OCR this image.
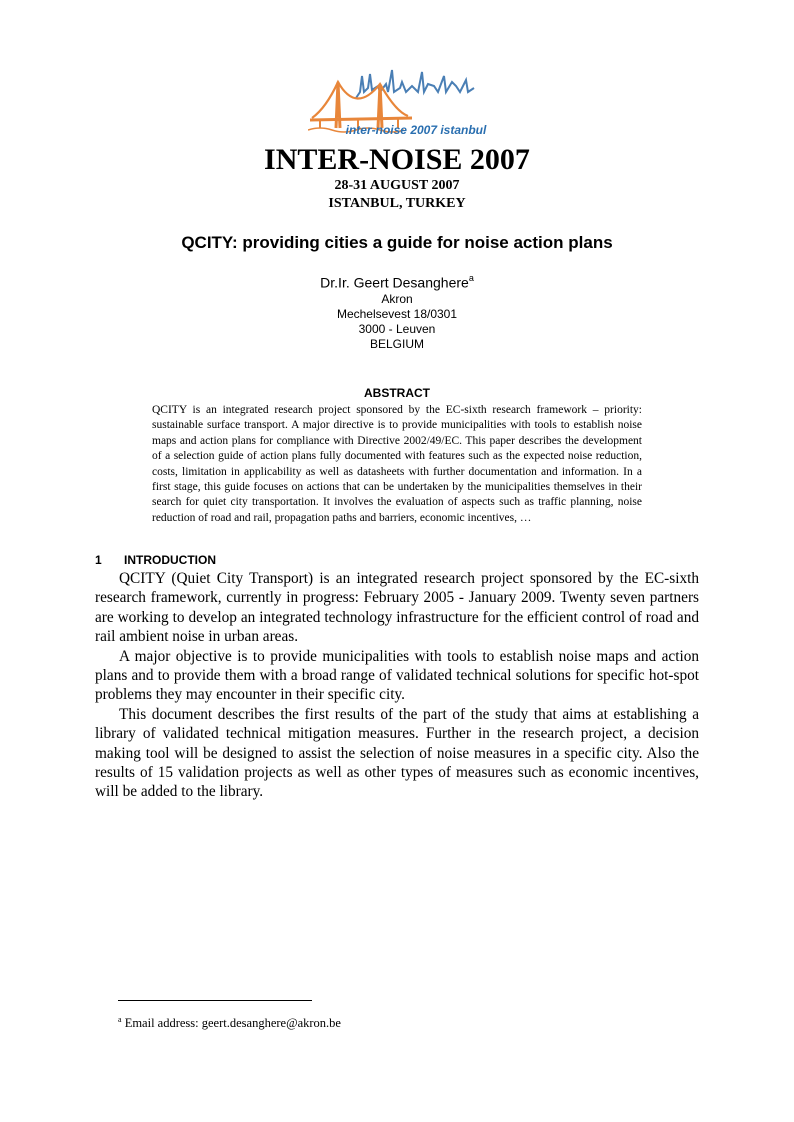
inter-noise 2007 istanbul
INTER-NOISE 2007
28-31 AUGUST 2007
ISTANBUL, TURKEY
QCITY: providing cities a guide for noise action plans
Dr.Ir. Geert Desanghere$^a$
Akron
Mechelsevest 18/0301
3000 - Leuven
BELGIUM
ABSTRACT
QCITY is an integrated research project sponsored by the EC-sixth research framework – priority: sustainable surface transport. A major directive is to provide municipalities with tools to establish noise maps and action plans for compliance with Directive 2002/49/EC. This paper describes the development of a selection guide of action plans fully documented with features such as the expected noise reduction, costs, limitation in applicability as well as datasheets with further documentation and information. In a first stage, this guide focuses on actions that can be undertaken by the municipalities themselves in their search for quiet city transportation. It involves the evaluation of aspects such as traffic planning, noise reduction of road and rail, propagation paths and barriers, economic incentives, …
1 INTRODUCTION

QCITY (Quiet City Transport) is an integrated research project sponsored by the EC-sixth research framework, currently in progress: February 2005 - January 2009. Twenty seven partners are working to develop an integrated technology infrastructure for the efficient control of road and rail ambient noise in urban areas.

A major objective is to provide municipalities with tools to establish noise maps and action plans and to provide them with a broad range of validated technical solutions for specific hot-spot problems they may encounter in their specific city.

This document describes the first results of the part of the study that aims at establishing a library of validated technical mitigation measures. Further in the research project, a decision making tool will be designed to assist the selection of noise measures in a specific city. Also the results of 15 validation projects as well as other types of measures such as economic incentives, will be added to the library.

$^a$ Email address: geert.desanghere@akron.be
